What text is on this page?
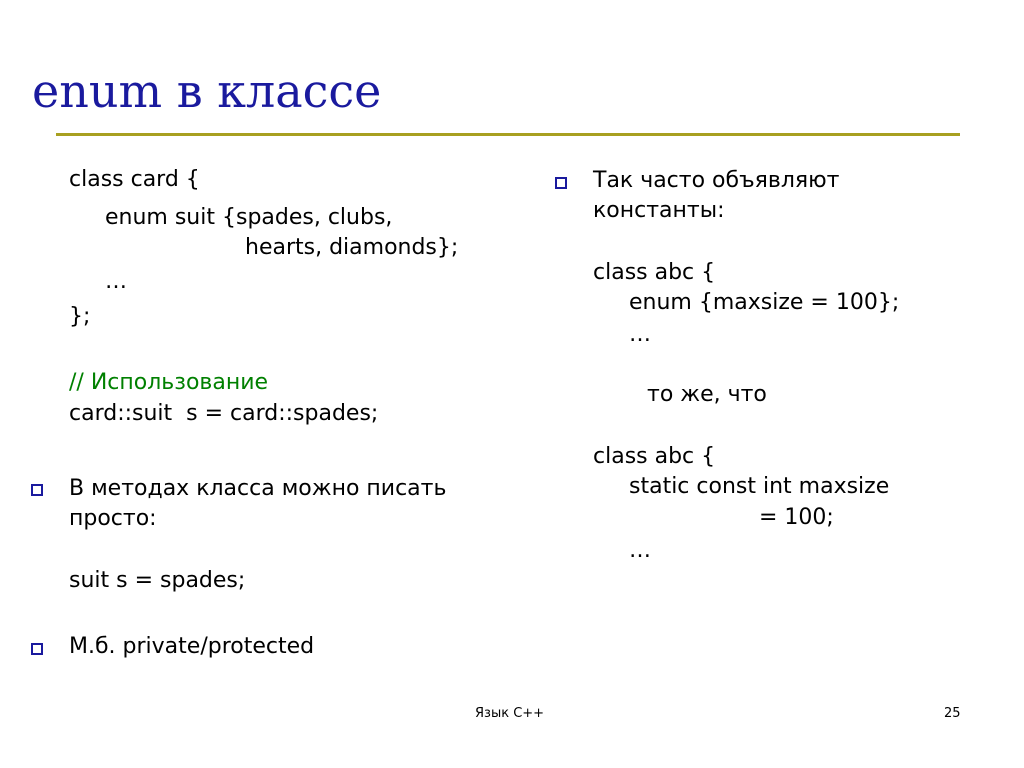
enum в классе
class card {
enum suit {spades, clubs,
hearts, diamonds};
…
};
// Использование
card::suit  s = card::spades;
В методах класса можно писать
просто:
suit s = spades;
М.б. private/protected
Так часто объявляют
константы:
class abc {
enum {maxsize = 100};
…
то же, что
class abc {
static const int maxsize
= 100;
…
Язык С++	25
